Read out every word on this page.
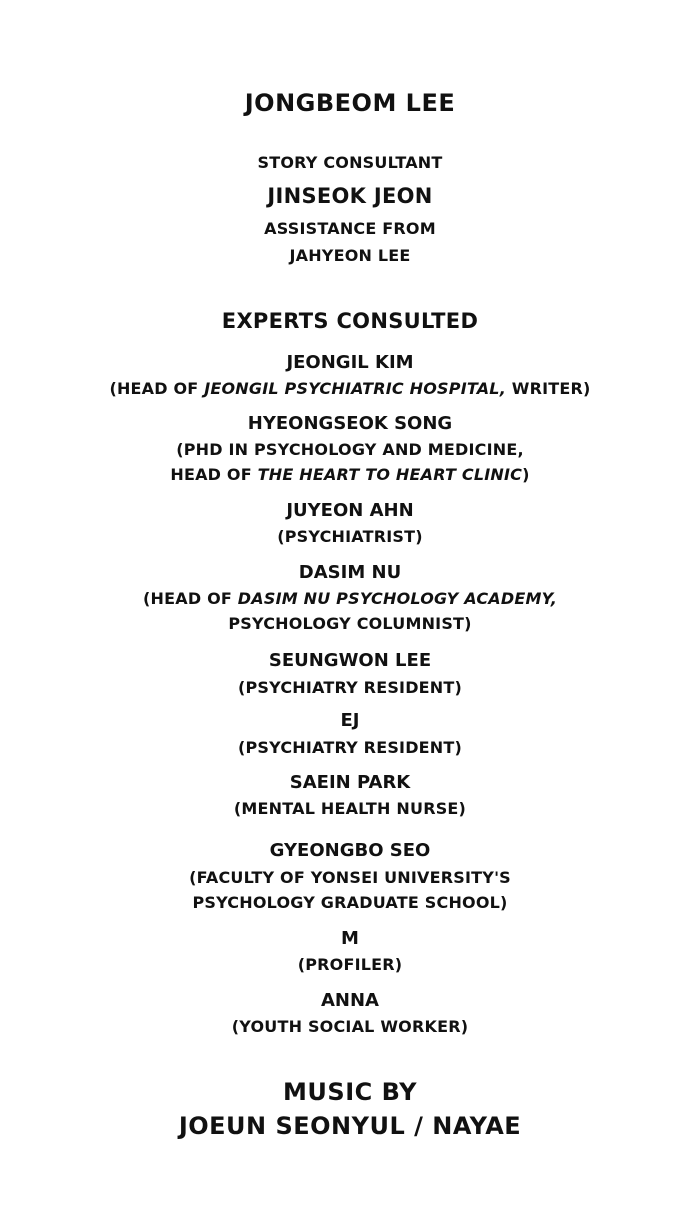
JONGBEOM LEE
STORY CONSULTANT
JINSEOK JEON
ASSISTANCE FROM
JAHYEON LEE
EXPERTS CONSULTED
JEONGIL KIM
(HEAD OF JEONGIL PSYCHIATRIC HOSPITAL, WRITER)
HYEONGSEOK SONG
(PHD IN PSYCHOLOGY AND MEDICINE,
HEAD OF THE HEART TO HEART CLINIC)
JUYEON AHN
(PSYCHIATRIST)
DASIM NU
(HEAD OF DASIM NU PSYCHOLOGY ACADEMY,
PSYCHOLOGY COLUMNIST)
SEUNGWON LEE
(PSYCHIATRY RESIDENT)
EJ
(PSYCHIATRY RESIDENT)
SAEIN PARK
(MENTAL HEALTH NURSE)
GYEONGBO SEO
(FACULTY OF YONSEI UNIVERSITY'S
PSYCHOLOGY GRADUATE SCHOOL)
M
(PROFILER)
ANNA
(YOUTH SOCIAL WORKER)
MUSIC BY
JOEUN SEONYUL / NAYAE
